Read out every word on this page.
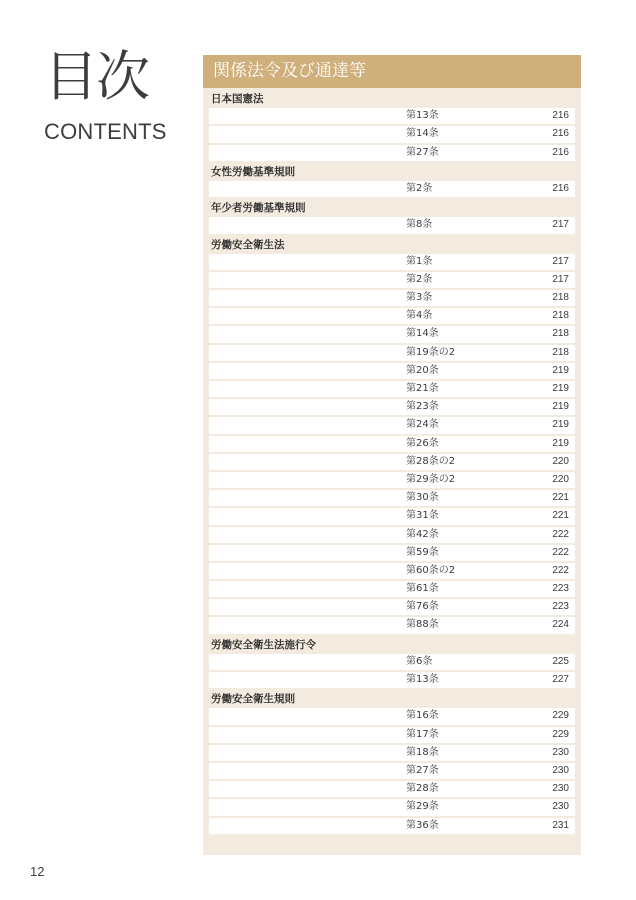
目次
CONTENTS
関係法令及び通達等
日本国憲法
第13条	216
第14条	216
第27条	216
女性労働基準規則
第2条	216
年少者労働基準規則
第8条	217
労働安全衛生法
第1条	217
第2条	217
第3条	218
第4条	218
第14条	218
第19条の2	218
第20条	219
第21条	219
第23条	219
第24条	219
第26条	219
第28条の2	220
第29条の2	220
第30条	221
第31条	221
第42条	222
第59条	222
第60条の2	222
第61条	223
第76条	223
第88条	224
労働安全衛生法施行令
第6条	225
第13条	227
労働安全衛生規則
第16条	229
第17条	229
第18条	230
第27条	230
第28条	230
第29条	230
第36条	231
12
